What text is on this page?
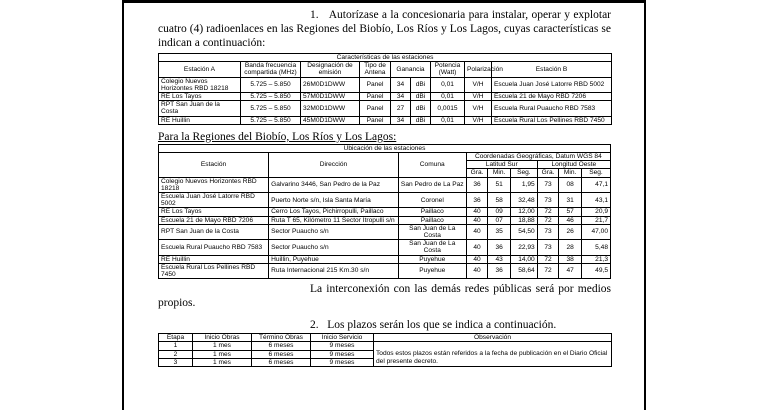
1.   Autorízase a la concesionaria para instalar, operar y explotar cuatro (4) radioenlaces en las Regiones del Biobío, Los Ríos y Los Lagos, cuyas características se indican a continuación:

Características de las estaciones								
Estación A	Banda frecuencia compartida (MHz)	Designación de emisión	Tipo de Antena	Ganancia		Potencia (Watt)	Polarización	Estación B
Colegio Nuevos Horizontes RBD 18218	5.725 – 5.850	26M0D1DWW	Panel	34	dBi	0,01	V/H	Escuela Juan José Latorre RBD 5002
RE Los Tayos	5.725 – 5.850	57M0D1DWW	Panel	34	dBi	0,01	V/H	Escuela 21 de Mayo RBD 7206
RPT San Juan de la Costa	5.725 – 5.850	32M0D1DWW	Panel	27	dBi	0,0015	V/H	Escuela Rural Puaucho RBD 7583
RE Huillin	5.725 – 5.850	45M0D1DWW	Panel	34	dBi	0,01	V/H	Escuela Rural Los Pellines RBD 7450
Para la Regiones del Biobío, Los Ríos y Los Lagos:
Ubicación de las estaciones								
Estación	Dirección	Comuna	Coordenadas Geográficas, Datum WGS 84					
			Latitud Sur			Longitud Oeste		
			Gra.	Min.	Seg.	Gra.	Min.	Seg.
Colegio Nuevos Horizontes RBD 18218	Galvarino 3446, San Pedro de la Paz	San Pedro de La Paz	36	51	1,95	73	08	47,1
Escuela Juan José Latorre RBD 5002	Puerto Norte s/n, Isla Santa María	Coronel	36	58	32,48	73	31	43,1
RE Los Tayos	Cerro Los Tayos, Pichirropulli, Paillaco	Paillaco	40	09	12,00	72	57	20,9
Escuela 21 de Mayo RBD 7206	Ruta T 65, Kilómetro 11 Sector Itropulli s/n	Paillaco	40	07	18,88	72	46	21,7
RPT San Juan de la Costa	Sector Puaucho s/n	San Juan de La Costa	40	35	54,50	73	26	47,00
Escuela Rural Puaucho RBD 7583	Sector Puaucho s/n	San Juan de La Costa	40	36	22,93	73	28	5,48
RE Huillin	Huillin, Puyehue	Puyehue	40	43	14,00	72	38	21,3
Escuela Rural Los Pellines RBD 7450	Ruta Internacional 215 Km.30 s/n	Puyehue	40	36	58,64	72	47	49,5

La interconexión con las demás redes públicas será por medios propios.

2.   Los plazos serán los que se indica a continuación.

Etapa	Inicio Obras	Término Obras	Inicio Servicio	Observación
1	1 mes	6 meses	9 meses	Todos estos plazos están referidos a la fecha de publicación en el Diario Oficial del presente decreto.
2	1 mes	6 meses	9 meses	
3	1 mes	6 meses	9 meses	
